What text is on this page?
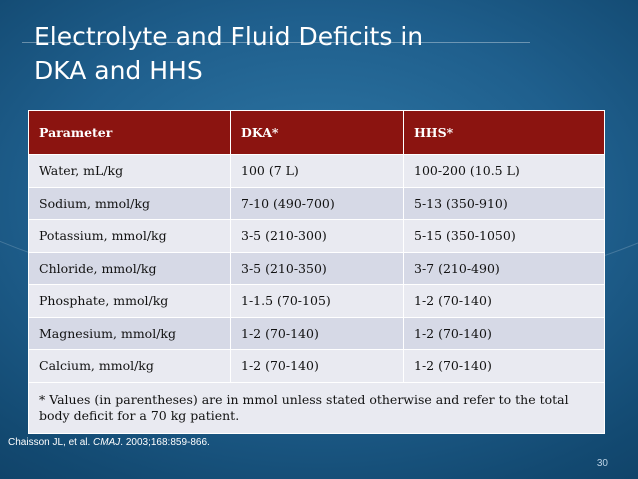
Electrolyte and Fluid Deficits in
DKA and HHS
Parameter	DKA*	HHS*
Water, mL/kg	100 (7 L)	100-200 (10.5 L)
Sodium, mmol/kg	7-10 (490-700)	5-13 (350-910)
Potassium, mmol/kg	3-5 (210-300)	5-15 (350-1050)
Chloride, mmol/kg	3-5 (210-350)	3-7 (210-490)
Phosphate, mmol/kg	1-1.5 (70-105)	1-2 (70-140)
Magnesium, mmol/kg	1-2 (70-140)	1-2 (70-140)
Calcium, mmol/kg	1-2 (70-140)	1-2 (70-140)
* Values (in parentheses) are in mmol unless stated otherwise and refer to the total body deficit for a 70 kg patient.		
Chaisson JL, et al. CMAJ. 2003;168:859-866.
30
